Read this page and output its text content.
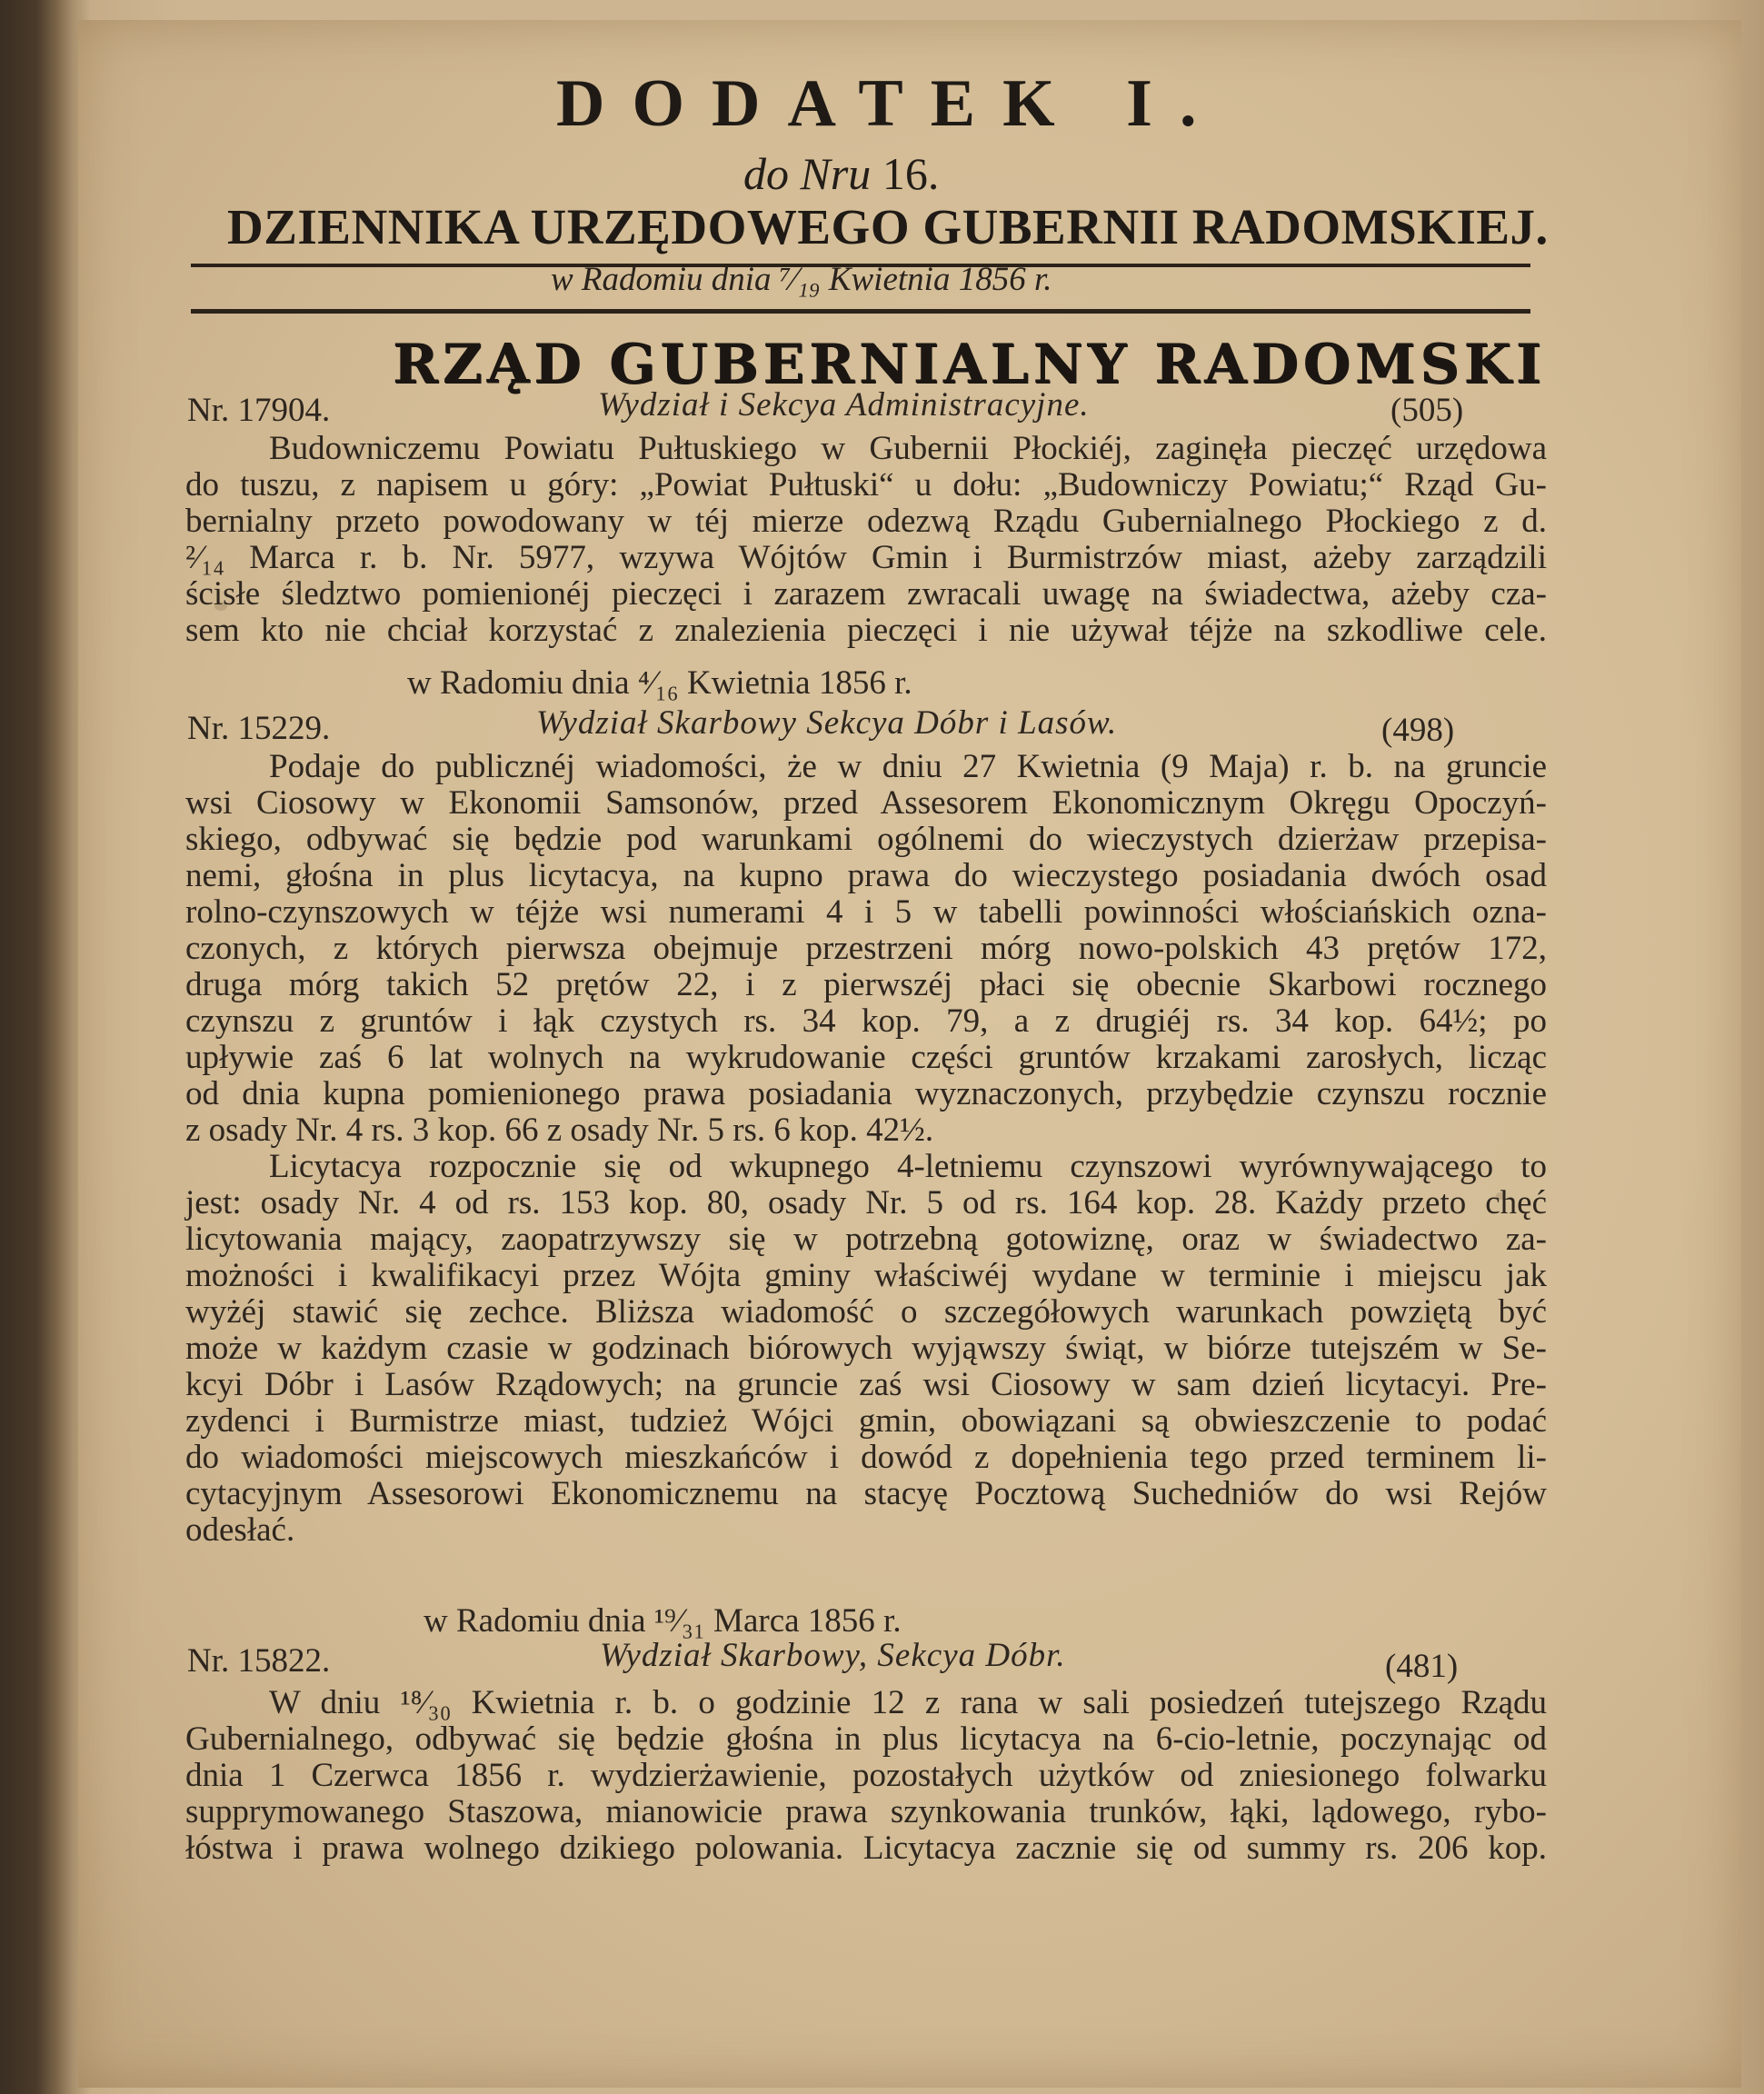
DODATEK I.
do Nru 16.
DZIENNIKA URZĘDOWEGO GUBERNII RADOMSKIEJ.
w Radomiu dnia ⁷⁄₁₉ Kwietnia 1856 r.
RZĄD GUBERNIALNY RADOMSKI
Nr. 17904.	Wydział i Sekcya Administracyjne.	(505)
Budowniczemu Powiatu Pułtuskiego w Gubernii Płockiéj, zaginęła pieczęć urzędowa
do tuszu, z napisem u góry: „Powiat Pułtuski“ u dołu: „Budowniczy Powiatu;“ Rząd Gu-
bernialny przeto powodowany w téj mierze odezwą Rządu Gubernialnego Płockiego z d.
²⁄₁₄ Marca r. b. Nr. 5977, wzywa Wójtów Gmin i Burmistrzów miast, ażeby zarządzili
ścisłe śledztwo pomienionéj pieczęci i zarazem zwracali uwagę na świadectwa, ażeby cza-
sem kto nie chciał korzystać z znalezienia pieczęci i nie używał téjże na szkodliwe cele.
w Radomiu dnia ⁴⁄₁₆ Kwietnia 1856 r.
Nr. 15229.	Wydział Skarbowy Sekcya Dóbr i Lasów.	(498)
Podaje do publicznéj wiadomości, że w dniu 27 Kwietnia (9 Maja) r. b. na gruncie
wsi Ciosowy w Ekonomii Samsonów, przed Assesorem Ekonomicznym Okręgu Opoczyń-
skiego, odbywać się będzie pod warunkami ogólnemi do wieczystych dzierżaw przepisa-
nemi, głośna in plus licytacya, na kupno prawa do wieczystego posiadania dwóch osad
rolno-czynszowych w téjże wsi numerami 4 i 5 w tabelli powinności włościańskich ozna-
czonych, z których pierwsza obejmuje przestrzeni mórg nowo-polskich 43 prętów 172,
druga mórg takich 52 prętów 22, i z pierwszéj płaci się obecnie Skarbowi rocznego
czynszu z gruntów i łąk czystych rs. 34 kop. 79, a z drugiéj rs. 34 kop. 64½; po
upływie zaś 6 lat wolnych na wykrudowanie części gruntów krzakami zarosłych, licząc
od dnia kupna pomienionego prawa posiadania wyznaczonych, przybędzie czynszu rocznie
z osady Nr. 4 rs. 3 kop. 66 z osady Nr. 5 rs. 6 kop. 42½.
Licytacya rozpocznie się od wkupnego 4-letniemu czynszowi wyrównywającego to
jest: osady Nr. 4 od rs. 153 kop. 80, osady Nr. 5 od rs. 164 kop. 28. Każdy przeto chęć
licytowania mający, zaopatrzywszy się w potrzebną gotowiznę, oraz w świadectwo za-
możności i kwalifikacyi przez Wójta gminy właściwéj wydane w terminie i miejscu jak
wyżéj stawić się zechce. Bliższa wiadomość o szczegółowych warunkach powziętą być
może w każdym czasie w godzinach biórowych wyjąwszy świąt, w biórze tutejszém w Se-
kcyi Dóbr i Lasów Rządowych; na gruncie zaś wsi Ciosowy w sam dzień licytacyi. Pre-
zydenci i Burmistrze miast, tudzież Wójci gmin, obowiązani są obwieszczenie to podać
do wiadomości miejscowych mieszkańców i dowód z dopełnienia tego przed terminem li-
cytacyjnym Assesorowi Ekonomicznemu na stacyę Pocztową Suchedniów do wsi Rejów
odesłać.
w Radomiu dnia ¹⁹⁄₃₁ Marca 1856 r.
Nr. 15822.	Wydział Skarbowy, Sekcya Dóbr.	(481)
W dniu ¹⁸⁄₃₀ Kwietnia r. b. o godzinie 12 z rana w sali posiedzeń tutejszego Rządu
Gubernialnego, odbywać się będzie głośna in plus licytacya na 6-cio-letnie, poczynając od
dnia 1 Czerwca 1856 r. wydzierżawienie, pozostałych użytków od zniesionego folwarku
supprymowanego Staszowa, mianowicie prawa szynkowania trunków, łąki, lądowego, rybo-
łóstwa i prawa wolnego dzikiego polowania. Licytacya zacznie się od summy rs. 206 kop.
